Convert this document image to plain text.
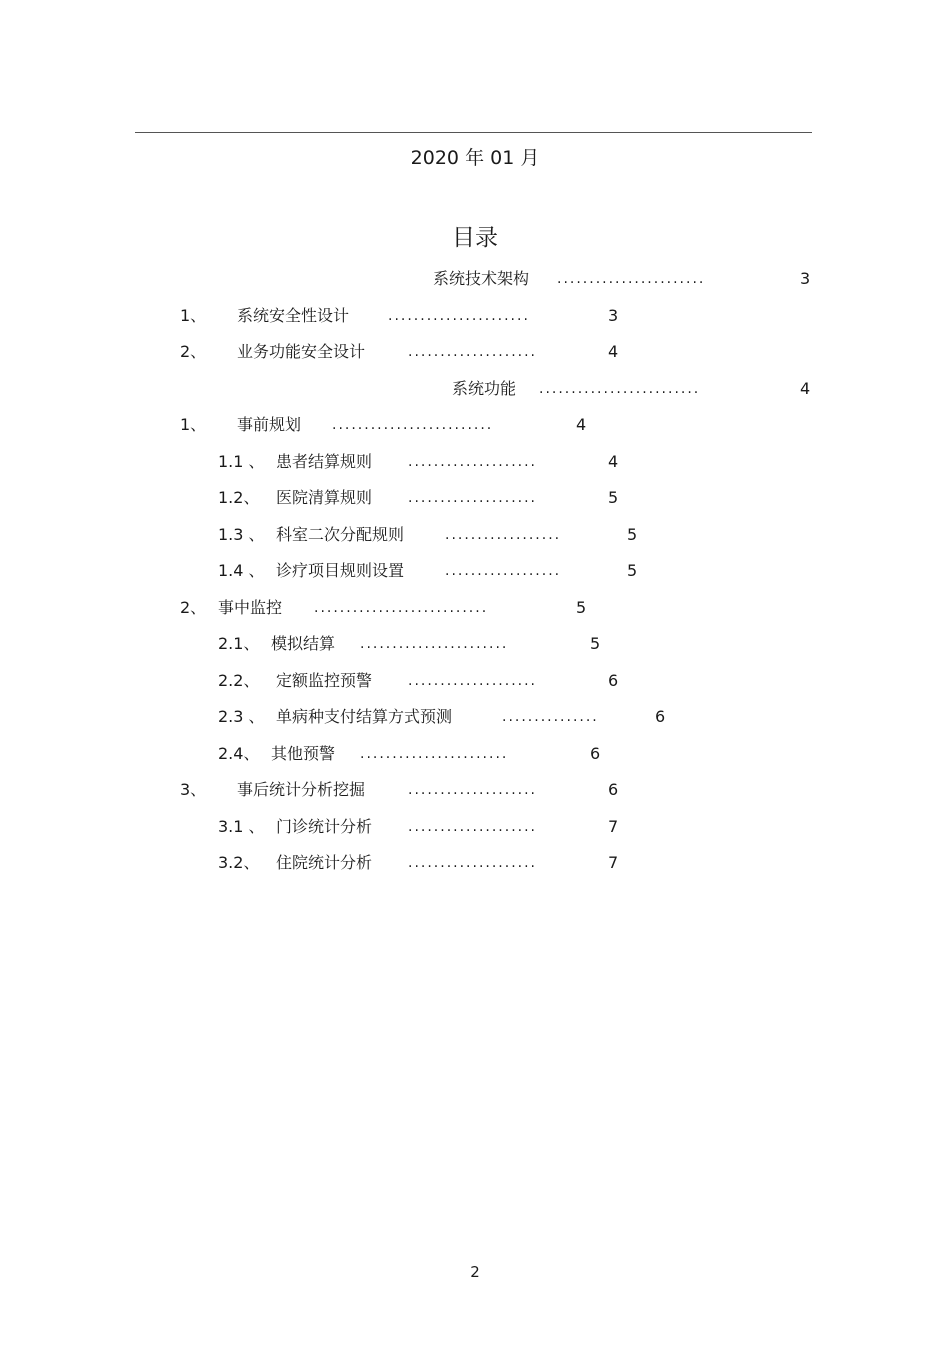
2020 年 01 月
目录
系统技术架构 .......................	3
1、 系统安全性设计	......................	3
2、 业务功能安全设计	....................	4
系统功能 .........................	4
1、 事前规划 .........................	4
1.1 、 患者结算规则	....................	4
1.2、 医院清算规则	....................	5
1.3 、 科室二次分配规则	..................	5
1.4 、 诊疗项目规则设置	..................	5
2、 事中监控 ...........................	5
2.1、 模拟结算 .......................	5
2.2、 定额监控预警	....................	6
2.3 、 单病种支付结算方式预测	...............	6
2.4、 其他预警 .......................	6
3、 事后统计分析挖掘	....................	6
3.1 、 门诊统计分析	....................	7
3.2、 住院统计分析	....................	7
2
